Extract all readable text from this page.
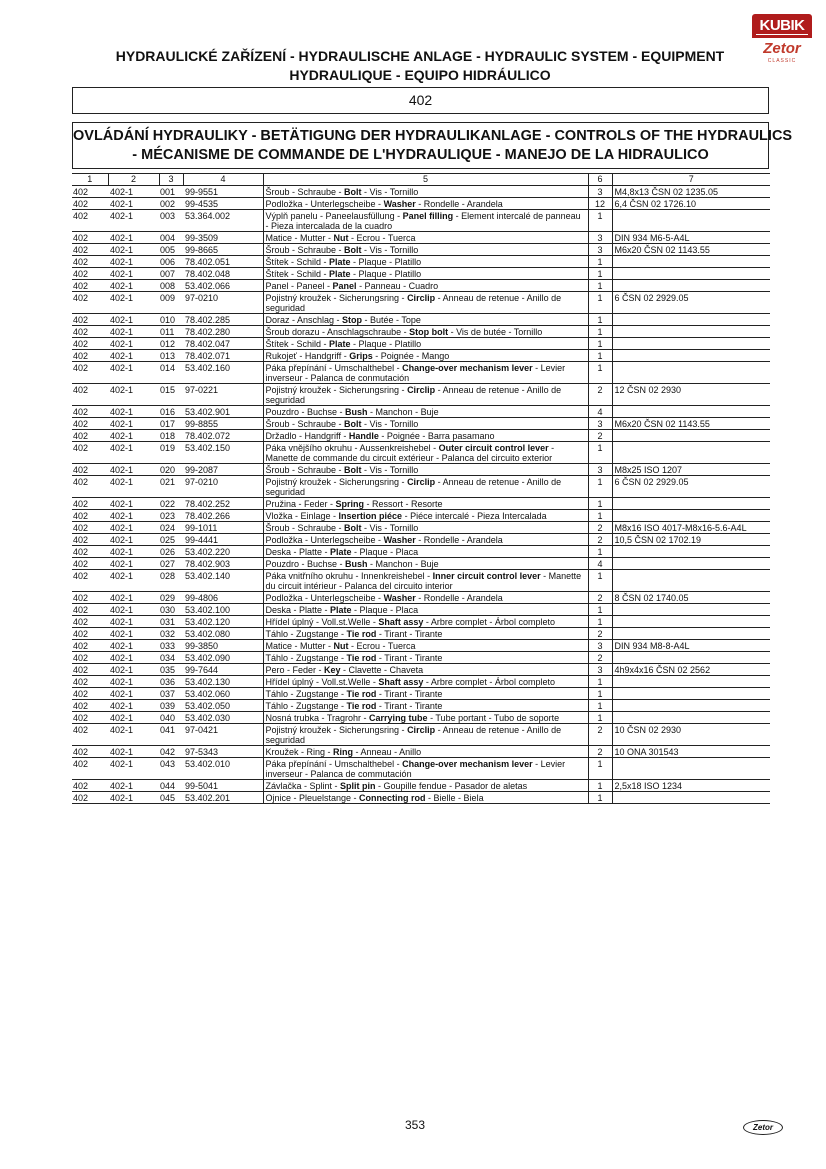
KUBIK
Zetor
CLASSIC
HYDRAULICKÉ ZAŘÍZENÍ - HYDRAULISCHE ANLAGE - HYDRAULIC SYSTEM - EQUIPMENT
HYDRAULIQUE - EQUIPO HIDRÁULICO
402
OVLÁDÁNÍ HYDRAULIKY - BETÄTIGUNG DER HYDRAULIKANLAGE - CONTROLS OF THE HYDRAULICS
- MÉCANISME DE COMMANDE DE L'HYDRAULIQUE - MANEJO DE LA HIDRAULICO
1	2	3	4	5	6	7
402	402-1	001	99-9551	Šroub - Schraube - Bolt - Vis - Tornillo	3	M4,8x13 ČSN 02 1235.05
402	402-1	002	99-4535	Podložka - Unterlegscheibe - Washer - Rondelle - Arandela	12	6,4 ČSN 02 1726.10
402	402-1	003	53.364.002	Výplň panelu - Paneelausfüllung - Panel filling - Element intercalé de panneau - Pieza intercalada de la cuadro	1	
402	402-1	004	99-3509	Matice - Mutter - Nut - Ecrou - Tuerca	3	DIN 934 M6-5-A4L
402	402-1	005	99-8665	Šroub - Schraube - Bolt - Vis - Tornillo	3	M6x20 ČSN 02 1143.55
402	402-1	006	78.402.051	Štítek - Schild - Plate - Plaque - Platillo	1	
402	402-1	007	78.402.048	Štítek - Schild - Plate - Plaque - Platillo	1	
402	402-1	008	53.402.066	Panel - Paneel - Panel - Panneau - Cuadro	1	
402	402-1	009	97-0210	Pojistný kroužek - Sicherungsring - Circlip - Anneau de retenue - Anillo de seguridad	1	6 ČSN 02 2929.05
402	402-1	010	78.402.285	Doraz - Anschlag - Stop - Butée - Tope	1	
402	402-1	011	78.402.280	Šroub dorazu - Anschlagschraube - Stop bolt - Vis de butée - Tornillo	1	
402	402-1	012	78.402.047	Štítek - Schild - Plate - Plaque - Platillo	1	
402	402-1	013	78.402.071	Rukojeť - Handgriff - Grips - Poignée - Mango	1	
402	402-1	014	53.402.160	Páka přepínání - Umschalthebel - Change-over mechanism lever - Levier inverseur - Palanca de conmutación	1	
402	402-1	015	97-0221	Pojistný kroužek - Sicherungsring - Circlip - Anneau de retenue - Anillo de seguridad	2	12 ČSN 02 2930
402	402-1	016	53.402.901	Pouzdro - Buchse - Bush - Manchon - Buje	4	
402	402-1	017	99-8855	Šroub - Schraube - Bolt - Vis - Tornillo	3	M6x20 ČSN 02 1143.55
402	402-1	018	78.402.072	Držadlo - Handgriff - Handle - Poignée - Barra pasamano	2	
402	402-1	019	53.402.150	Páka vnějšího okruhu - Aussenkreishebel - Outer circuit control lever - Manette de commande du circuit extérieur - Palanca del circuito exterior	1	
402	402-1	020	99-2087	Šroub - Schraube - Bolt - Vis - Tornillo	3	M8x25 ISO 1207
402	402-1	021	97-0210	Pojistný kroužek - Sicherungsring - Circlip - Anneau de retenue - Anillo de seguridad	1	6 ČSN 02 2929.05
402	402-1	022	78.402.252	Pružina - Feder - Spring - Ressort - Resorte	1	
402	402-1	023	78.402.266	Vložka - Einlage - Insertion piéce - Piéce intercalé - Pieza Intercalada	1	
402	402-1	024	99-1011	Šroub - Schraube - Bolt - Vis - Tornillo	2	M8x16 ISO 4017-M8x16-5.6-A4L
402	402-1	025	99-4441	Podložka - Unterlegscheibe - Washer - Rondelle - Arandela	2	10,5 ČSN 02 1702.19
402	402-1	026	53.402.220	Deska - Platte - Plate - Plaque - Placa	1	
402	402-1	027	78.402.903	Pouzdro - Buchse - Bush - Manchon - Buje	4	
402	402-1	028	53.402.140	Páka vnitřního okruhu - Innenkreishebel - Inner circuit control lever - Manette du circuit intérieur - Palanca del circuito interior	1	
402	402-1	029	99-4806	Podložka - Unterlegscheibe - Washer - Rondelle - Arandela	2	8 ČSN 02 1740.05
402	402-1	030	53.402.100	Deska - Platte - Plate - Plaque - Placa	1	
402	402-1	031	53.402.120	Hřídel úplný - Voll.st.Welle - Shaft assy - Arbre complet - Árbol completo	1	
402	402-1	032	53.402.080	Táhlo - Zugstange - Tie rod - Tirant - Tirante	2	
402	402-1	033	99-3850	Matice - Mutter - Nut - Ecrou - Tuerca	3	DIN 934 M8-8-A4L
402	402-1	034	53.402.090	Táhlo - Zugstange - Tie rod - Tirant - Tirante	2	
402	402-1	035	99-7644	Pero - Feder - Key - Clavette - Chaveta	3	4h9x4x16 ČSN 02 2562
402	402-1	036	53.402.130	Hřídel úplný - Voll.st.Welle - Shaft assy - Arbre complet - Árbol completo	1	
402	402-1	037	53.402.060	Táhlo - Zugstange - Tie rod - Tirant - Tirante	1	
402	402-1	039	53.402.050	Táhlo - Zugstange - Tie rod - Tirant - Tirante	1	
402	402-1	040	53.402.030	Nosná trubka - Tragrohr - Carrying tube - Tube portant - Tubo de soporte	1	
402	402-1	041	97-0421	Pojistný kroužek - Sicherungsring - Circlip - Anneau de retenue - Anillo de seguridad	2	10 ČSN 02 2930
402	402-1	042	97-5343	Kroužek - Ring - Ring - Anneau - Anillo	2	10 ONA 301543
402	402-1	043	53.402.010	Páka přepínání - Umschalthebel - Change-over mechanism lever - Levier inverseur - Palanca de commutación	1	
402	402-1	044	99-5041	Závlačka - Splint - Split pin - Goupille fendue - Pasador de aletas	1	2,5x18 ISO 1234
402	402-1	045	53.402.201	Ojnice - Pleuelstange - Connecting rod - Bielle - Biela	1	
353	Zetor
